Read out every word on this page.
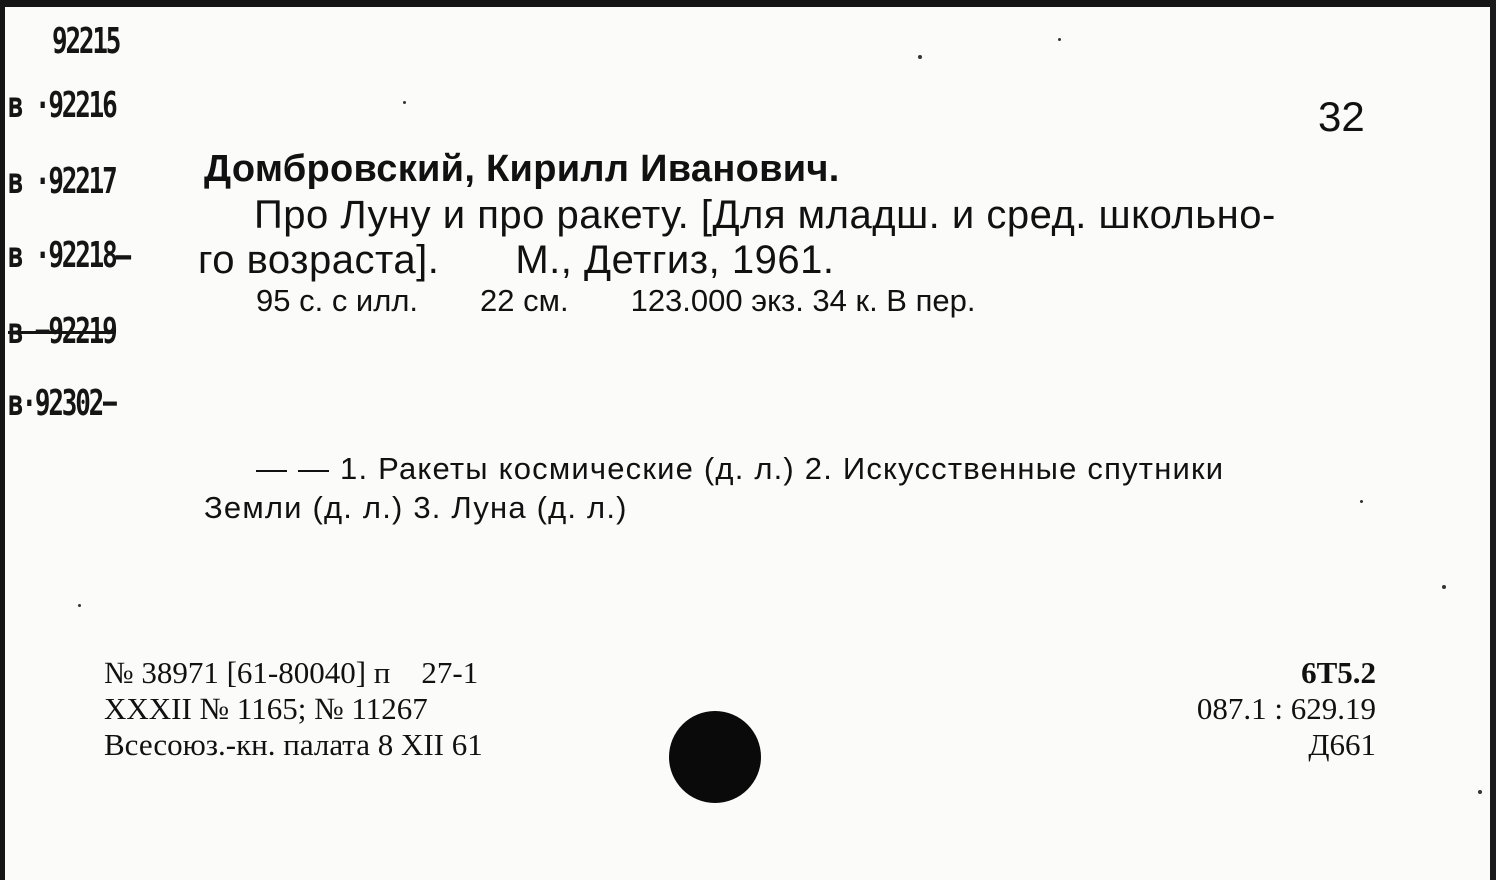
92215
в ·92216
в ·92217
в ·92218—
в −92219
в·92302−
32
Домбровский, Кирилл Иванович.
Про Луну и про ракету. [Для младш. и сред. школьно-
го возраста]. М., Детгиз, 1961.
95 с. с илл. 22 см. 123.000 экз. 34 к. В пер.
— — 1. Ракеты космические (д. л.) 2. Искусственные спутники
Земли (д. л.) 3. Луна (д. л.)
№ 38971 [61-80040] п    27-1
XXXII № 1165; № 11267
Всесоюз.-кн. палата 8 XII 61
6Т5.2
087.1 : 629.19
Д661
